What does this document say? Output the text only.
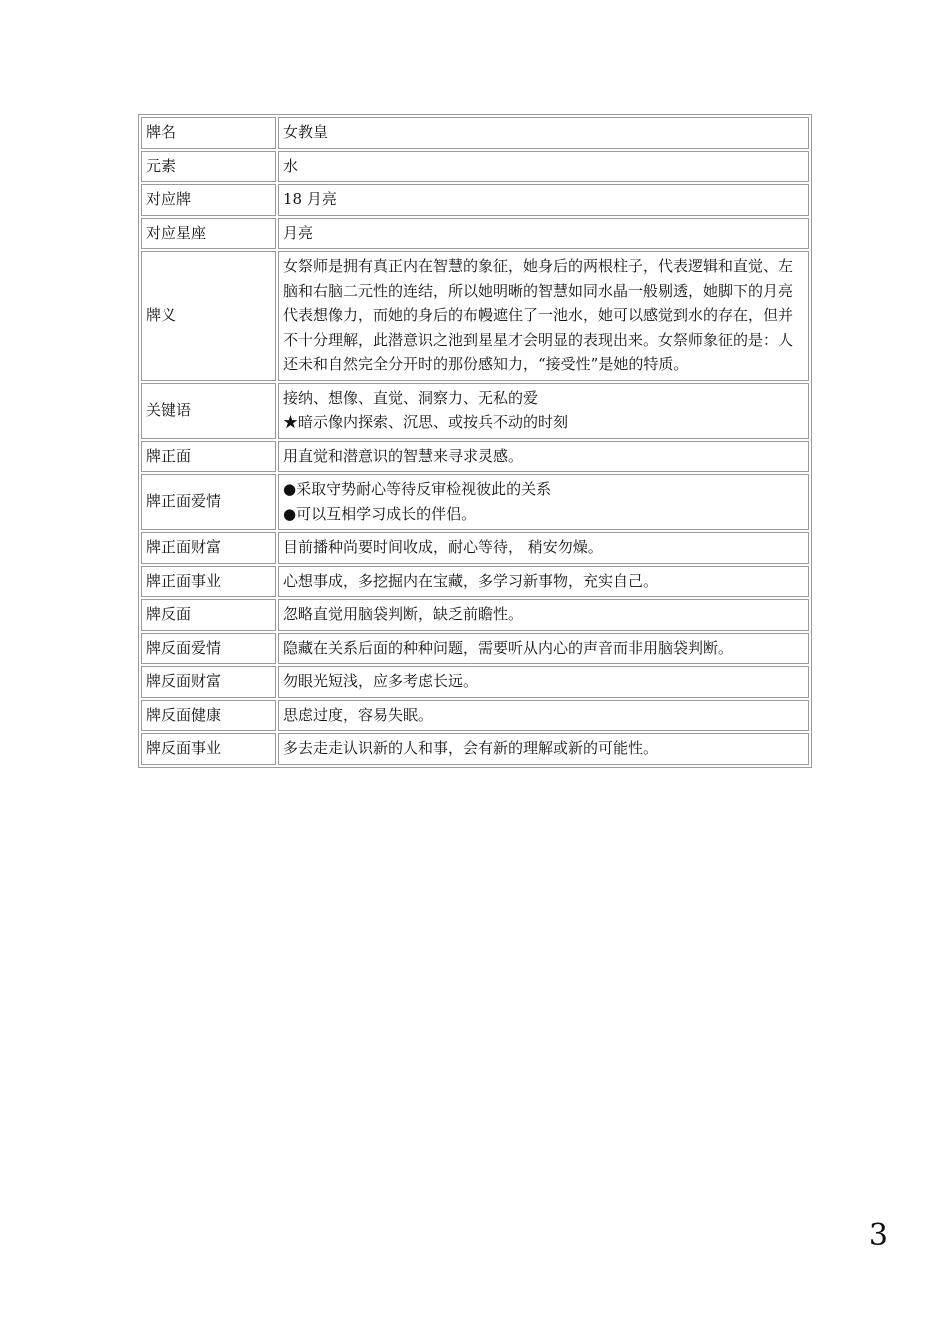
牌名	女教皇

元素	水

对应牌	18 月亮

对应星座	月亮

牌义	女祭师是拥有真正内在智慧的象征，她身后的两根柱子，代表逻辑和直觉、左脑和右脑二元性的连结，所以她明晰的智慧如同水晶一般剔透，她脚下的月亮代表想像力，而她的身后的布幔遮住了一池水，她可以感觉到水的存在，但并不十分理解，此潜意识之池到星星才会明显的表现出来。女祭师象征的是：人还未和自然完全分开时的那份感知力，“接受性”是她的特质。

关键语	接纳、想像、直觉、洞察力、无私的爱
★暗示像内探索、沉思、或按兵不动的时刻

牌正面	用直觉和潜意识的智慧来寻求灵感。

牌正面爱情	●采取守势耐心等待反审检视彼此的关系
●可以互相学习成长的伴侣。

牌正面财富	目前播种尚要时间收成，耐心等待， 稍安勿燥。

牌正面事业	心想事成，多挖掘内在宝藏，多学习新事物，充实自己。

牌反面	忽略直觉用脑袋判断，缺乏前瞻性。

牌反面爱情	隐藏在关系后面的种种问题，需要听从内心的声音而非用脑袋判断。

牌反面财富	勿眼光短浅，应多考虑长远。

牌反面健康	思虑过度，容易失眠。

牌反面事业	多去走走认识新的人和事，会有新的理解或新的可能性。
3
